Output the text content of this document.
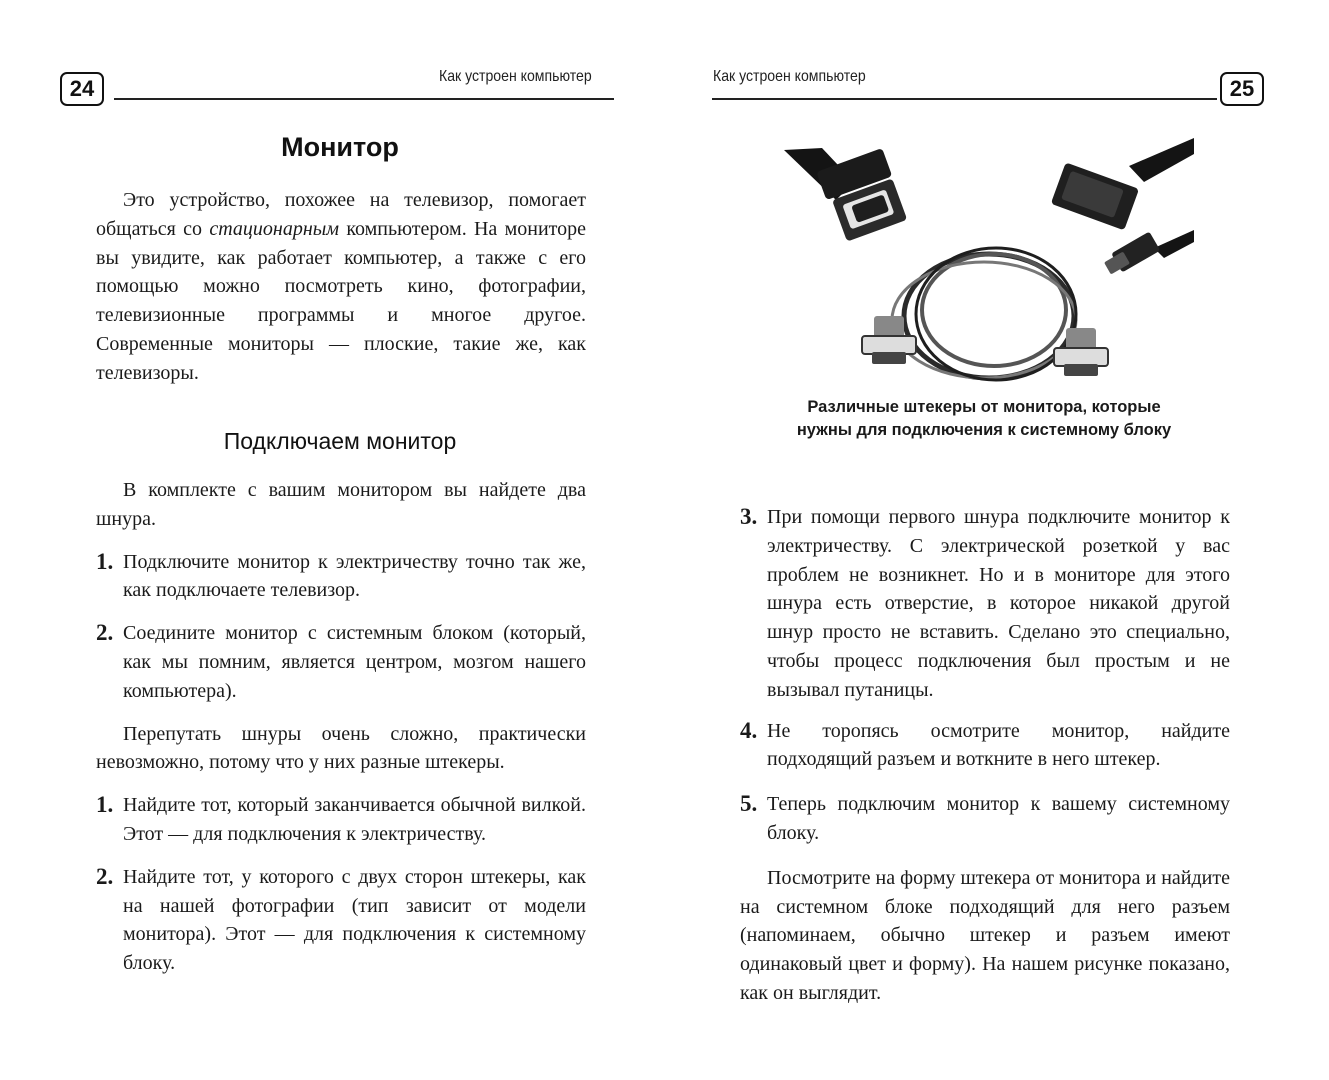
24	Как устроен компьютер
Монитор

Это устройство, похожее на телевизор, помогает общаться со стационарным компьютером. На мониторе вы увидите, как работает компьютер, а также с его помощью можно посмотреть кино, фотографии, телевизионные программы и многое другое. Современные мониторы — плоские, такие же, как телевизоры.

Подключаем монитор

В комплекте с вашим монитором вы найдете два шнура.

1. Подключите монитор к электричеству точно так же, как подключаете телевизор.

2. Соедините монитор с системным блоком (который, как мы помним, является центром, мозгом нашего компьютера).

Перепутать шнуры очень сложно, практически невозможно, потому что у них разные штекеры.

1. Найдите тот, который заканчивается обычной вилкой. Этот — для подключения к электричеству.

2. Найдите тот, у которого с двух сторон штекеры, как на нашей фотографии (тип зависит от модели монитора). Этот — для подключения к системному блоку.

Как устроен компьютер	25
Различные штекеры от монитора, которые
нужны для подключения к системному блоку

3. При помощи первого шнура подключите монитор к электричеству. С электрической розеткой у вас проблем не возникнет. Но и в мониторе для этого шнура есть отверстие, в которое никакой другой шнур просто не вставить. Сделано это специально, чтобы процесс подключения был простым и не вызывал путаницы.

4. Не торопясь осмотрите монитор, найдите подходящий разъем и воткните в него штекер.

5. Теперь подключим монитор к вашему системному блоку.

Посмотрите на форму штекера от монитора и найдите на системном блоке подходящий для него разъем (напоминаем, обычно штекер и разъем имеют одинаковый цвет и форму). На нашем рисунке показано, как он выглядит.
